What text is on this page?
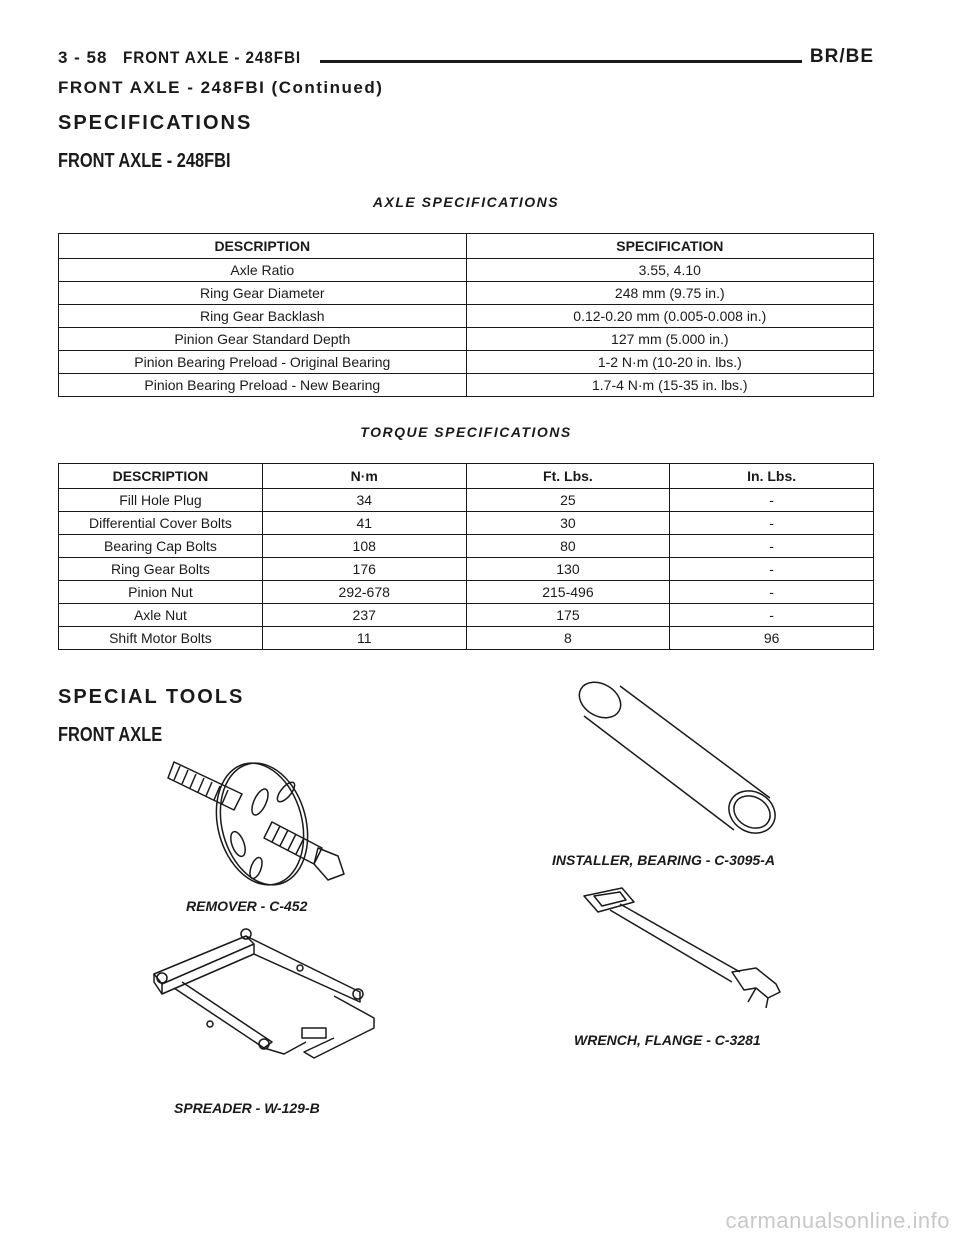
3 - 58 FRONT AXLE - 248FBI	BR/BE
FRONT AXLE - 248FBI (Continued)
SPECIFICATIONS
FRONT AXLE - 248FBI
AXLE SPECIFICATIONS
DESCRIPTION	SPECIFICATION
Axle Ratio	3.55, 4.10
Ring Gear Diameter	248 mm (9.75 in.)
Ring Gear Backlash	0.12-0.20 mm (0.005-0.008 in.)
Pinion Gear Standard Depth	127 mm (5.000 in.)
Pinion Bearing Preload - Original Bearing	1-2 N·m (10-20 in. lbs.)
Pinion Bearing Preload - New Bearing	1.7-4 N·m (15-35 in. lbs.)
TORQUE SPECIFICATIONS
DESCRIPTION	N·m	Ft. Lbs.	In. Lbs.
Fill Hole Plug	34	25	-
Differential Cover Bolts	41	30	-
Bearing Cap Bolts	108	80	-
Ring Gear Bolts	176	130	-
Pinion Nut	292-678	215-496	-
Axle Nut	237	175	-
Shift Motor Bolts	11	8	96
SPECIAL TOOLS
FRONT AXLE
REMOVER - C-452
INSTALLER, BEARING - C-3095-A
WRENCH, FLANGE - C-3281
SPREADER - W-129-B
carmanualsonline.info
